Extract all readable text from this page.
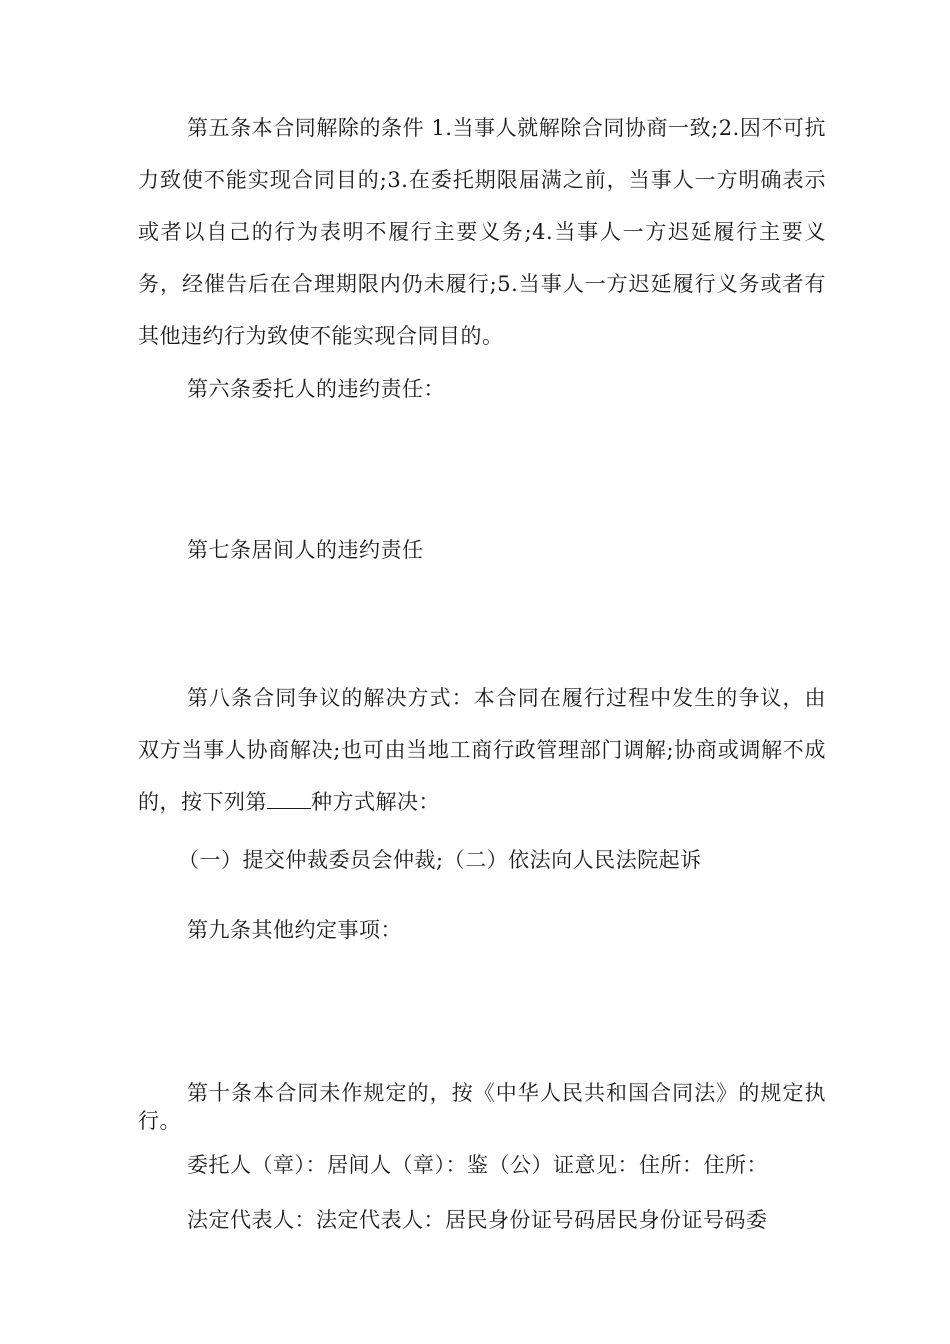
第五条本合同解除的条件 1.当事人就解除合同协商一致;2.因不可抗力致使不能实现合同目的;3.在委托期限届满之前，当事人一方明确表示或者以自己的行为表明不履行主要义务;4.当事人一方迟延履行主要义务，经催告后在合理期限内仍未履行;5.当事人一方迟延履行义务或者有其他违约行为致使不能实现合同目的。

第六条委托人的违约责任：

第七条居间人的违约责任

第八条合同争议的解决方式：本合同在履行过程中发生的争议，由双方当事人协商解决;也可由当地工商行政管理部门调解;协商或调解不成的，按下列第 种方式解决：

（一）提交仲裁委员会仲裁;（二）依法向人民法院起诉

第九条其他约定事项：

第十条本合同未作规定的，按《中华人民共和国合同法》的规定执行。

委托人（章）：居间人（章）：鉴（公）证意见：住所：住所：

法定代表人：法定代表人：居民身份证号码居民身份证号码委
